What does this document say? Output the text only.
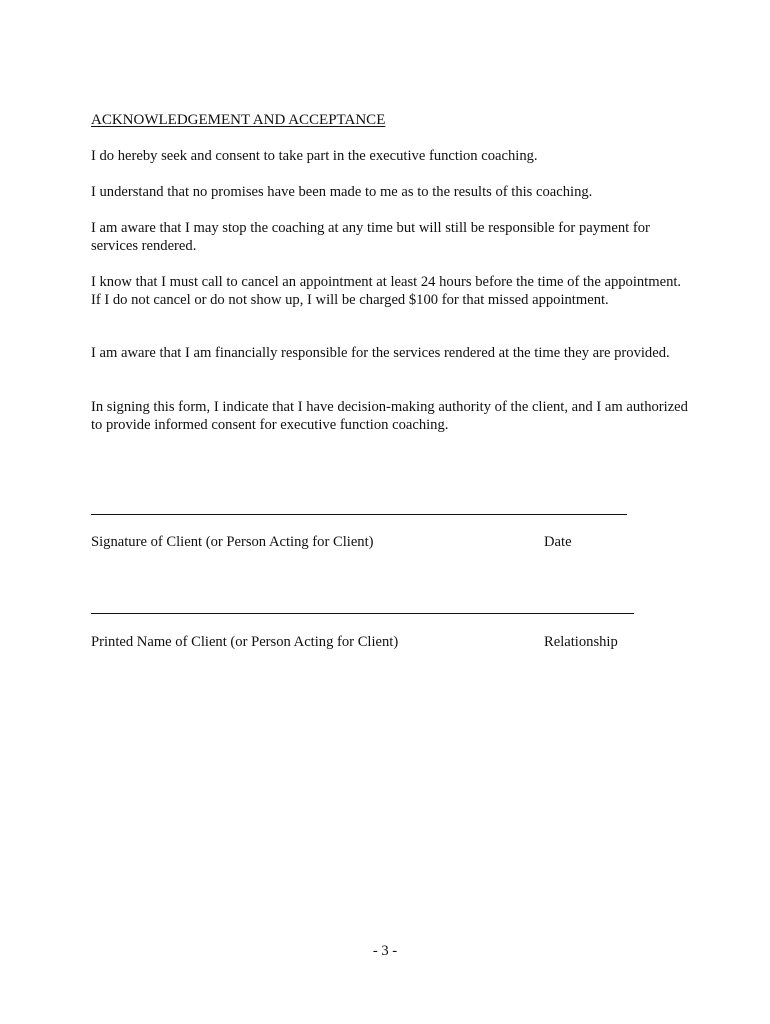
ACKNOWLEDGEMENT AND ACCEPTANCE

I do hereby seek and consent to take part in the executive function coaching.

I understand that no promises have been made to me as to the results of this coaching.

I am aware that I may stop the coaching at any time but will still be responsible for payment for services rendered.

I know that I must call to cancel an appointment at least 24 hours before the time of the appointment. If I do not cancel or do not show up, I will be charged $100 for that missed appointment.

I am aware that I am financially responsible for the services rendered at the time they are provided.

In signing this form, I indicate that I have decision-making authority of the client, and I am authorized to provide informed consent for executive function coaching.

Signature of Client (or Person Acting for Client)	Date
Printed Name of Client (or Person Acting for Client)	Relationship
- 3 -
